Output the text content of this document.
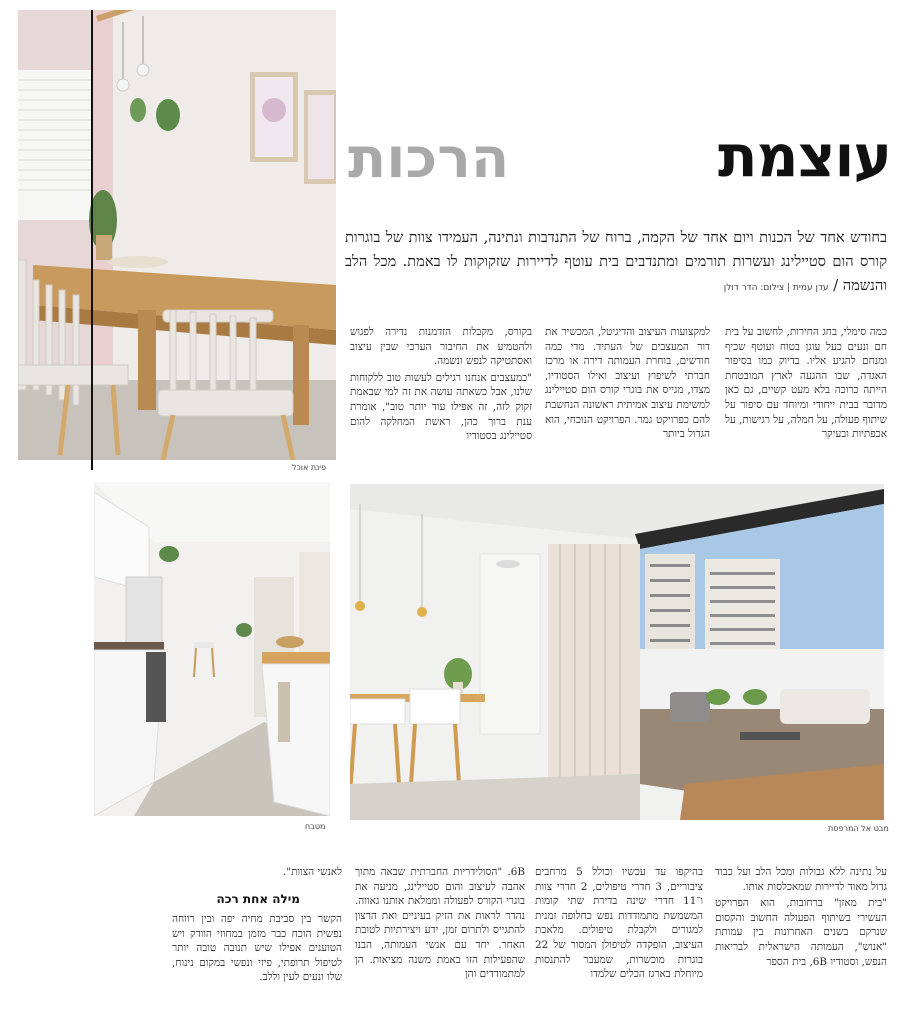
פינת אוכל
עוצמת
הרכות
בחודש אחד של הכנות ויום אחד של הקמה, ברוח של התנדבות ונתינה, העמידו צוות של בוגרות קורס הום סטיילינג ועשרות תורמים ומתנדבים בית עוטף לדיירות שזקוקות לו באמת. מכל הלב והנשמה / עדן עמית | צילום: הדר דולן

כמה סימלי, בחג החירות, לחשוב על בית חם ונעים כעל עוגן בטוח ועוטף שכיף ומנחם להגיע אליו. בדיוק כמו בסיפור האגדה, שבו ההגעה לארץ המובטחת הייתה כרוכה בלא מעט קשיים, גם כאן מדובר בבית ייחודי ומיוחד עם סיפור על שיתוף פעולה, על חמלה, על רגישות, על אכפתיות ובעיקר

למקצועות העיצוב והדיגיטל, המכשיר את דור המעצבים של העתיד. מדי כמה חודשים, בוחרת העמותה דירה או מרכז חברתי לשיפוץ ועיצוב ואילו הסטודיו, מצדו, מגייס את בוגרי קורס הום סטיילינג למשימת עיצוב אמיתית ראשונה הנחשבת להם כפרויקט גמר. הפרויקט הנוכחי, הוא הגדול ביותר

בקורס, מקבלות הזדמנות נדירה לפגוש ולהטמיע את החיבור הערכי שבין עיצוב ואסתטיקה לנפש ונשמה.

"כמעצבים אנחנו רגילים לעשות טוב ללקוחות שלנו, אבל כשאתה עושה את זה למי שבאמת זקוק לזה, זה אפילו עוד יותר טוב", אומרת ענת ברוך כהן, ראשת המחלקה להום סטיילינג בסטודיו

מטבח	מבט אל המרפסת

על נתינה ללא גבולות ומכל הלב ועל כבוד גדול מאוד לדיירות שמאכלסות אותו.

"בית מאזן" ברחובות, הוא הפרויקט העשירי בשיתוף הפעולה החשוב והקסום שנרקם בשנים האחרונות בין עמותת "אנוש", העמותה הישראלית לבריאות הנפש, וסטודיו 6B, בית הספר

בהיקפו עד עכשיו וכולל 5 מרחבים ציבוריים, 3 חדרי טיפולים, 2 חדרי צוות ו־11 חדרי שינה בדירת שתי קומות המשמשת מתמודדות נפש כחלופה זמנית למגורים ולקבלת טיפולים. מלאכת העיצוב, הופקדה לטיפולן המסור של 22 בוגרות מוכשרות, שמעבר להתנסות מיוחלת בארגז הכלים שלמדו

6B. "הסולידריות החברתית שבאה מתוך אהבה לעיצוב והום סטיילינג, מניעה את בוגרי הקורס לפעולה וממלאת אותנו גאווה. נהדר לראות את הזיק בעיניים ואת הרצון להתגייס ולתרום זמן, ידע ויצירתיות לטובת האחר. יחד עם אנשי העמותה, הבנו שהפעילות הזו באמת משנה מציאות. הן למתמודדים והן

לאנשי הצוות".

מילה אחת רכה

הקשר בין סביבת מחיה יפה ובין רווחה נפשית הוכח כבר מזמן במחוזי הוודק ויש הטוענים אפילו שיש תנובה טובה יותר לטיפול תרופתי, פיזי ונפשי במקום נינוח, שלו ונעים לעין וללב.
